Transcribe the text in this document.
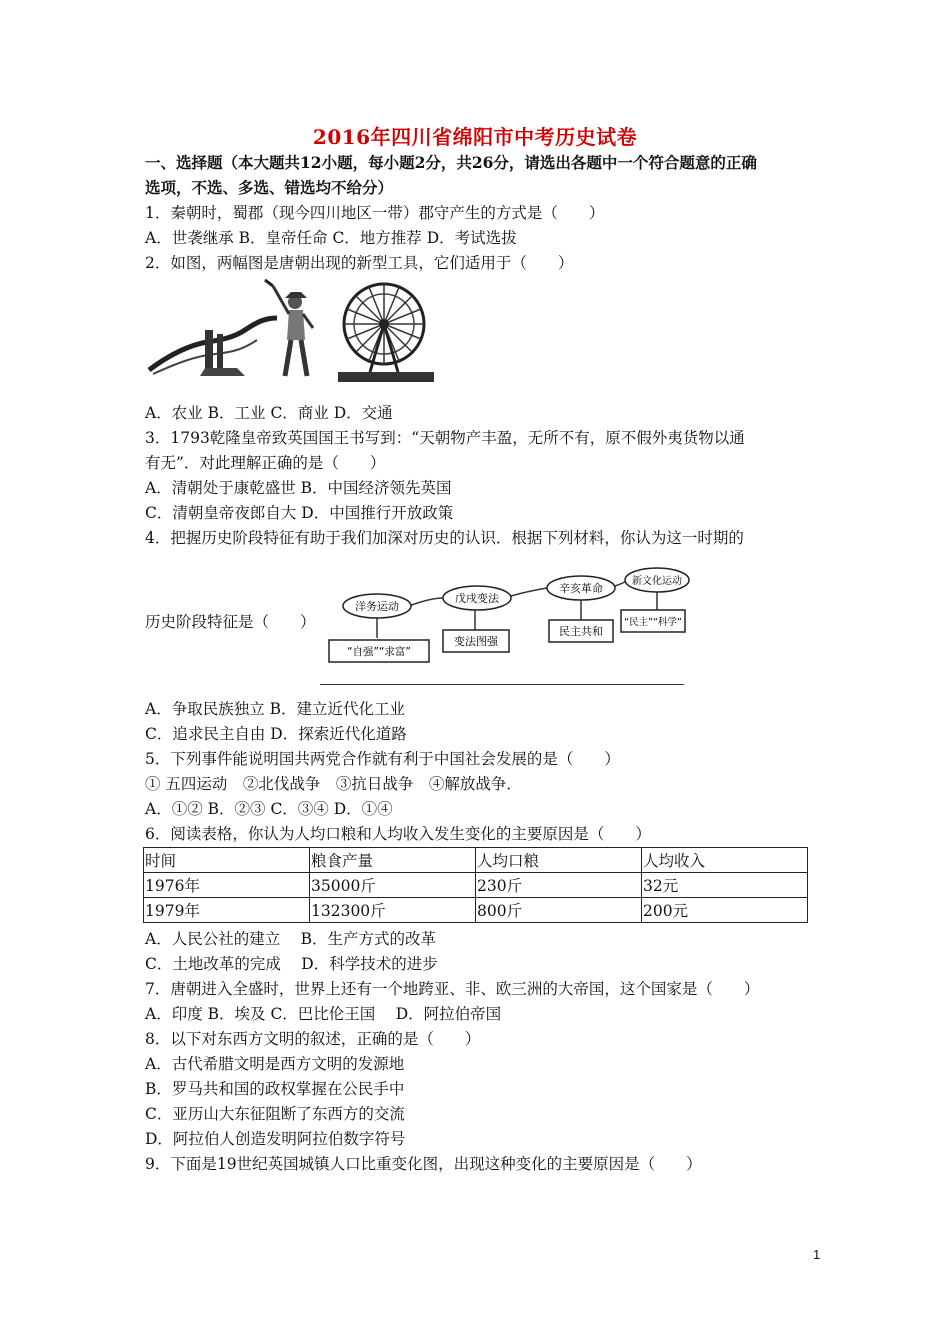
2016年四川省绵阳市中考历史试卷
一、选择题（本大题共12小题，每小题2分，共26分，请选出各题中一个符合题意的正确
选项，不选、多选、错选均不给分）
1．秦朝时，蜀郡（现今四川地区一带）郡守产生的方式是（　　）
A．世袭继承 B．皇帝任命 C．地方推荐 D．考试选拔
2．如图，两幅图是唐朝出现的新型工具，它们适用于（　　）
A．农业 B．工业 C．商业 D．交通
3．1793乾隆皇帝致英国国王书写到：“天朝物产丰盈，无所不有，原不假外夷货物以通
有无”．对此理解正确的是（　　）
A．清朝处于康乾盛世 B．中国经济领先英国
C．清朝皇帝夜郎自大 D．中国推行开放政策
4．把握历史阶段特征有助于我们加深对历史的认识．根据下列材料，你认为这一时期的
洋务运动
戊戌变法
辛亥革命
新文化运动
“自强”“求富”
变法图强
民主共和
“民主”“科学”
历史阶段特征是（　　）
A．争取民族独立 B．建立近代化工业
C．追求民主自由 D．探索近代化道路
5．下列事件能说明国共两党合作就有利于中国社会发展的是（　　）
① 五四运动　②北伐战争　③抗日战争　④解放战争．
A．①② B．②③ C．③④ D．①④
6．阅读表格，你认为人均口粮和人均收入发生变化的主要原因是（　　）
时间	粮食产量	人均口粮	人均收入
1976年	35000斤	230斤	32元
1979年	132300斤	800斤	200元
A．人民公社的建立　 B．生产方式的改革
C．土地改革的完成　 D．科学技术的进步
7．唐朝进入全盛时，世界上还有一个地跨亚、非、欧三洲的大帝国，这个国家是（　　）
A．印度 B．埃及 C．巴比伦王国　 D．阿拉伯帝国
8．以下对东西方文明的叙述，正确的是（　　）
A．古代希腊文明是西方文明的发源地
B．罗马共和国的政权掌握在公民手中
C．亚历山大东征阻断了东西方的交流
D．阿拉伯人创造发明阿拉伯数字符号
9．下面是19世纪英国城镇人口比重变化图，出现这种变化的主要原因是（　　）
1
